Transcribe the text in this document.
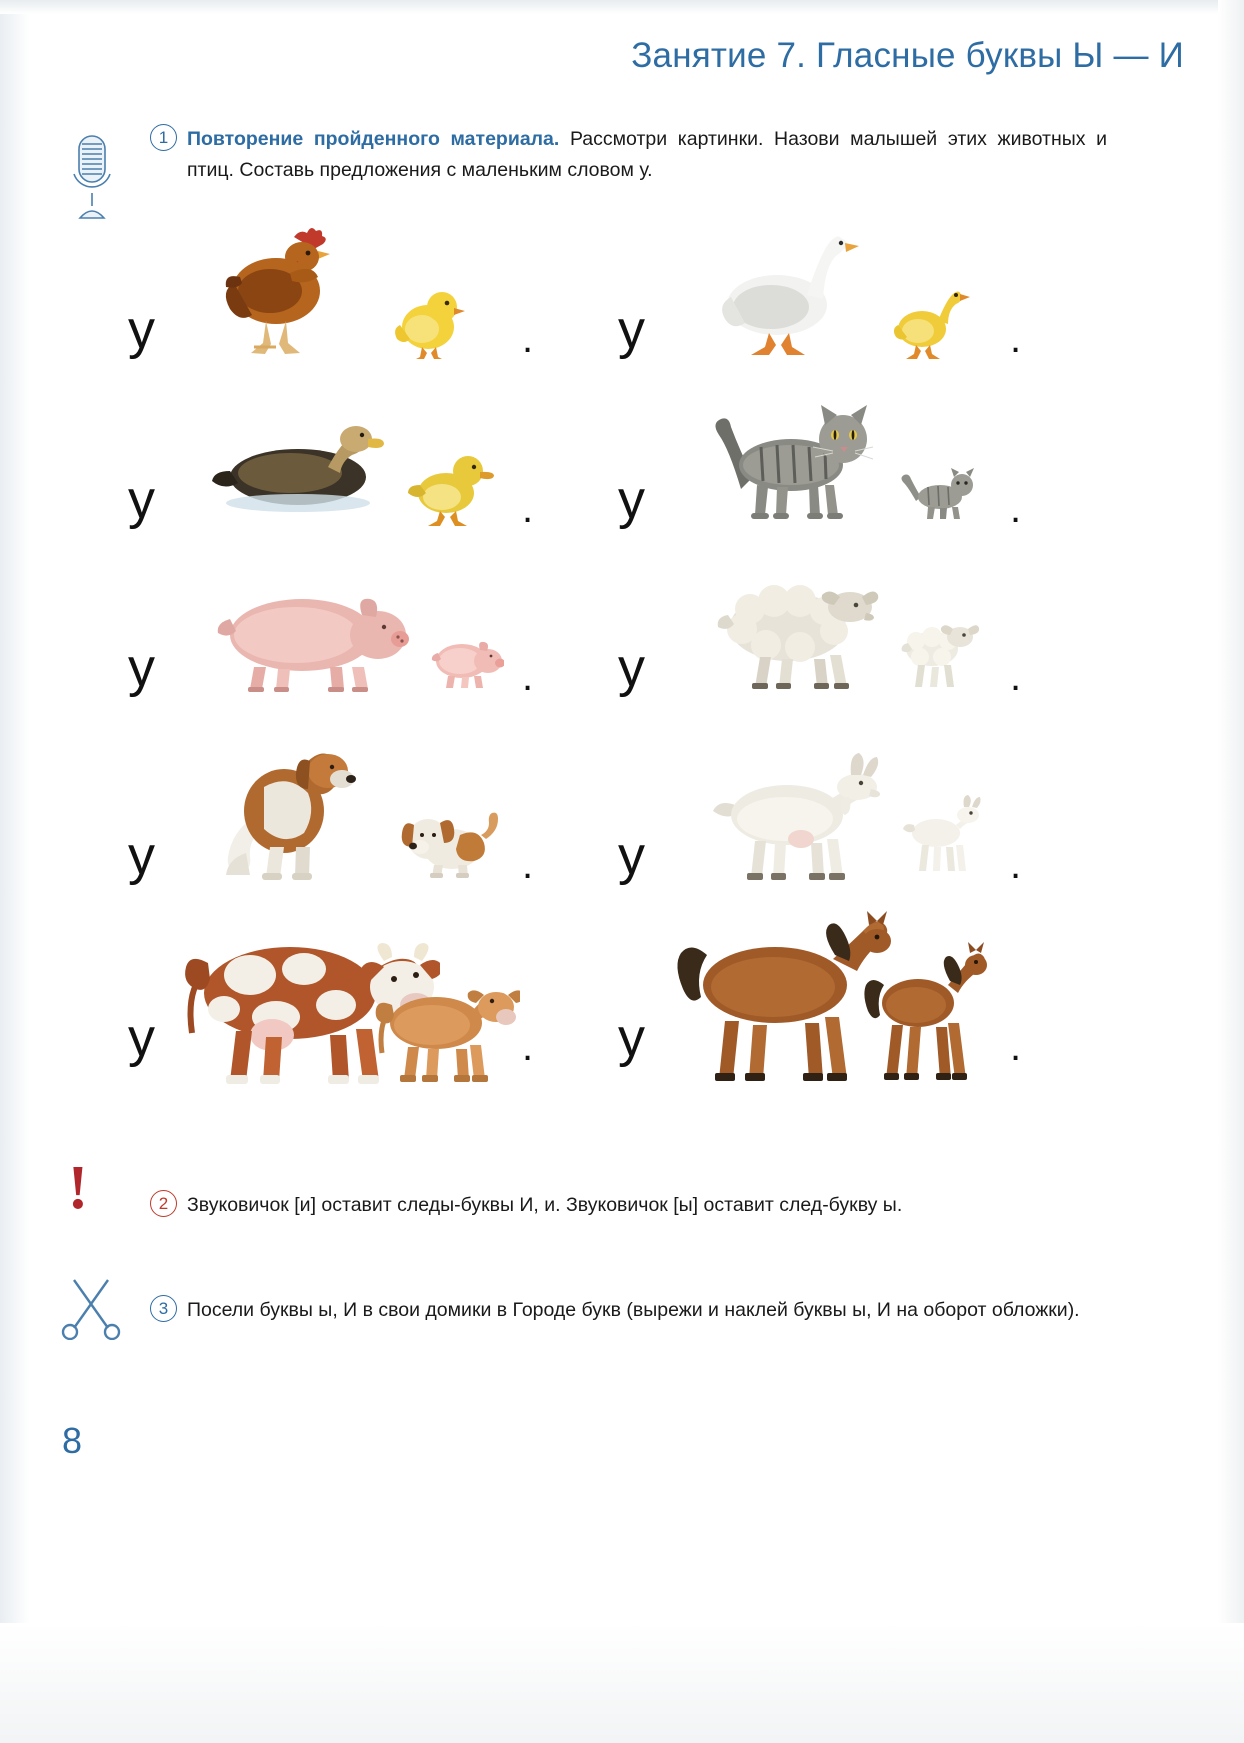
Занятие 7. Гласные буквы Ы — И
1 Повторение пройденного материала. Рассмотри картинки. Назови малышей этих животных и птиц. Составь предложения с маленьким словом у.
у	. у	.
у	. у	.
у	. у	.
у	. у	.
у	. у	.
!	2 Звуковичок [и] оставит следы-буквы И, и. Звуковичок [ы] оставит след-букву ы.
3 Посели буквы ы, И в свои домики в Городе букв (вырежи и наклей буквы ы, И на оборот обложки).
8
